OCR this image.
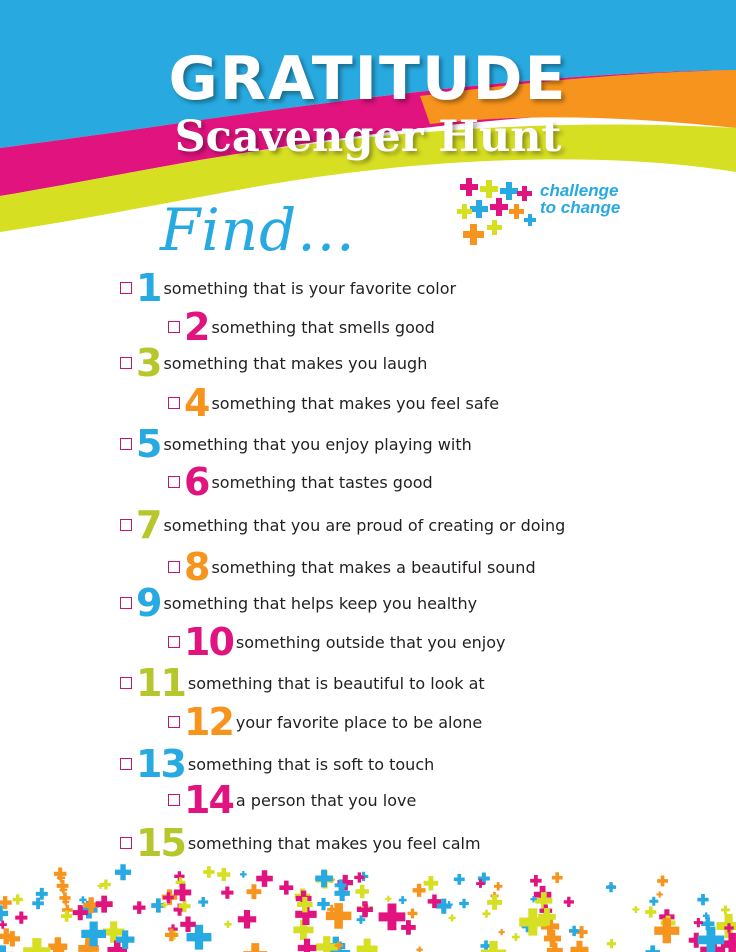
GRATITUDE
Scavenger Hunt
challenge
to change
Find...
1 something that is your favorite color
2 something that smells good
3 something that makes you laugh
4 something that makes you feel safe
5 something that you enjoy playing with
6 something that tastes good
7 something that you are proud of creating or doing
8 something that makes a beautiful sound
9 something that helps keep you healthy
10 something outside that you enjoy
11 something that is beautiful to look at
12 your favorite place to be alone
13 something that is soft to touch
14 a person that you love
15 something that makes you feel calm
